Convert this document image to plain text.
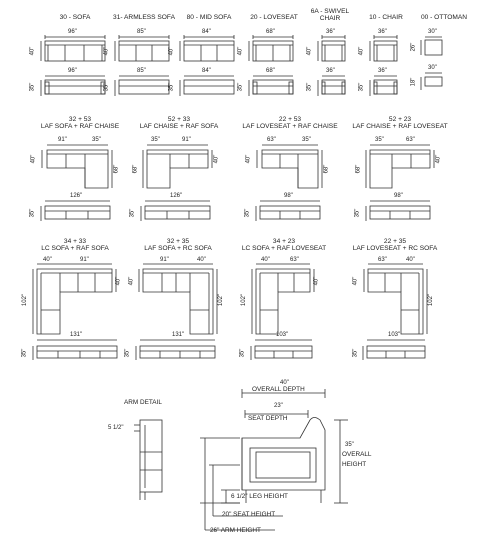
30 - SOFA
96"
40"
96"
35"
31- ARMLESS SOFA
85"
40"
85"
35"
80 - MID SOFA
84"
40"
84"
35"
20 - LOVESEAT
68"
40"
68"
35"
6A - SWIVEL
CHAIR
36"
40"
36"
35"
10 - CHAIR
36"
40"
36"
35"
00 - OTTOMAN
30"
26"
30"
18"
32 + 53
LAF SOFA + RAF CHAISE
91"	35"
40"
68"
126"
35"
52 + 33
LAF CHAISE + RAF SOFA
35"	91"
68"
40"
126"
35"
22 + 53
LAF LOVESEAT + RAF CHAISE
63"	35"
40"
68"
98"
35"
52 + 23
LAF CHAISE + RAF LOVESEAT
35"	63"
68"
40"
98"
35"
34 + 33
LC SOFA + RAF SOFA
40"	91"
102"
40"
131"
35"
32 + 35
LAF SOFA + RC SOFA
91"	40"
40"
102"
131"
35"
34 + 23
LC SOFA + RAF LOVESEAT
40"	63"
102"
40"
103"
35"
22 + 35
LAF LOVESEAT + RC SOFA
63"	40"
40"
102"
103"
35"
ARM DETAIL
5 1/2"
40"
OVERALL DEPTH
23"
SEAT DEPTH
35"
OVERALL
HEIGHT
6 1/2" LEG HEIGHT
20" SEAT HEIGHT
26" ARM HEIGHT
